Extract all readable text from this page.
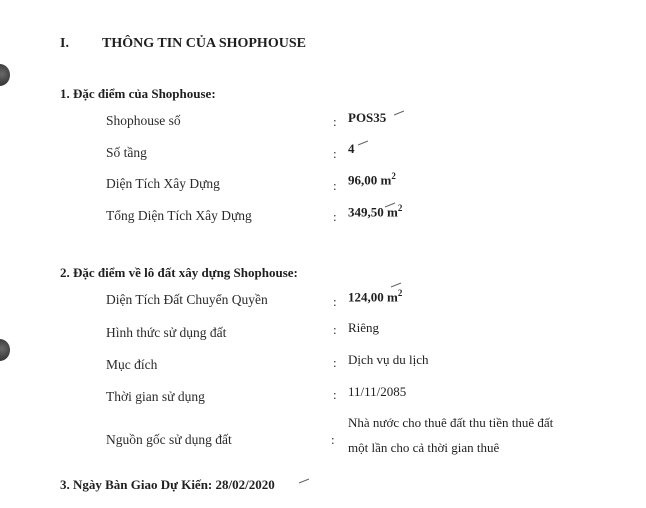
I. THÔNG TIN CỦA SHOPHOUSE
1. Đặc điểm của Shophouse:
Shophouse số	: POS35
Số tầng	: 4
Diện Tích Xây Dựng	: 96,00 $m^2$
Tổng Diện Tích Xây Dựng	: 349,50 $m^2$
2. Đặc điểm về lô đất xây dựng Shophouse:
Diện Tích Đất Chuyển Quyền	: 124,00 $m^2$
Hình thức sử dụng đất	: Riêng
Mục đích	: Dịch vụ du lịch
Thời gian sử dụng	: 11/11/2085
Nguồn gốc sử dụng đất	:
Nhà nước cho thuê đất thu tiền thuê đất
một lần cho cả thời gian thuê
3. Ngày Bàn Giao Dự Kiến: 28/02/2020
